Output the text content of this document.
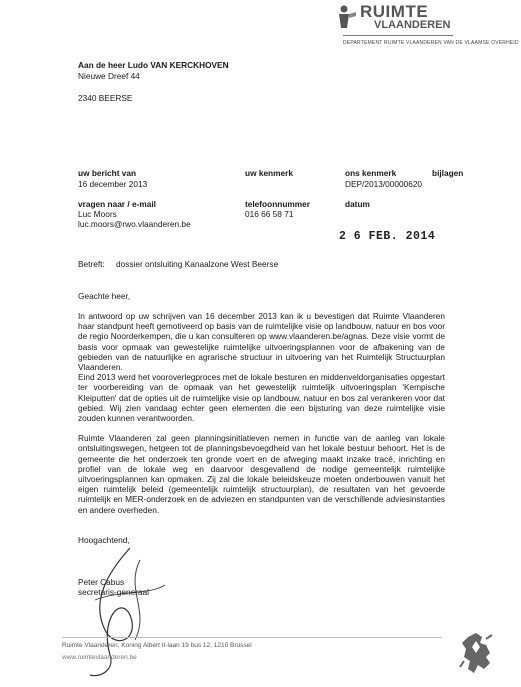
RUIMTE
VLAANDEREN
DEPARTEMENT RUIMTE VLAANDEREN VAN DE VLAAMSE OVERHEID
Aan de heer Ludo VAN KERCKHOVEN
Nieuwe Dreef 44
2340 BEERSE
uw bericht van
16 december 2013
uw kenmerk	ons kenmerk
DEP/2013/00000620
bijlagen
vragen naar / e-mail
Luc Moors
luc.moors@rwo.vlaanderen.be
telefoonnummer
016 66 58 71
datum
2 6 FEB. 2014
Betreft: dossier ontsluiting Kanaalzone West Beerse
Geachte heer,

In antwoord op uw schrijven van 16 december 2013 kan ik u bevestigen dat Ruimte Vlaanderen haar standpunt heeft gemotiveerd op basis van de ruimtelijke visie op landbouw, natuur en bos voor de regio Noorderkempen, die u kan consulteren op www.vlaanderen.be/agnas. Deze visie vormt de basis voor opmaak van gewestelijke ruimtelijke uitvoeringsplannen voor de afbakening van de gebieden van de natuurlijke en agrarische structuur in uitvoering van het Ruimtelijk Structuurplan Vlaanderen.

Eind 2013 werd het vooroverlegproces met de lokale besturen en middenveldorganisaties opgestart ter voorbereiding van de opmaak van het gewestelijk ruimtelijk uitvoeringsplan 'Kempische Kleiputten' dat de opties uit de ruimtelijke visie op landbouw, natuur en bos zal verankeren voor dat gebied. Wij zien vandaag echter geen elementen die een bijsturing van deze ruimtelijke visie zouden kunnen verantwoorden.

Ruimte Vlaanderen zal geen planningsinitiatieven nemen in functie van de aanleg van lokale ontsluitingswegen, hetgeen tot de planningsbevoegdheid van het lokale bestuur behoort. Het is de gemeente die het onderzoek ten gronde voert en de afweging maakt inzake tracé, inrichting en profiel van de lokale weg en daarvoor desgevallend de nodige gemeentelijk ruimtelijke uitvoeringsplannen kan opmaken. Zij zal die lokale beleidskeuze moeten onderbouwen vanuit het eigen ruimtelijk beleid (gemeentelijk ruimtelijk structuurplan), de resultaten van het gevoerde ruimtelijk en MER-onderzoek en de adviezen en standpunten van de verschillende adviesinstanties en andere overheden.

Hoogachtend,
Peter Cabus
secretaris-generaal
Ruimte Vlaanderen, Koning Albert II-laan 19 bus 12, 1210 Brussel
www.ruimtevlaanderen.be
